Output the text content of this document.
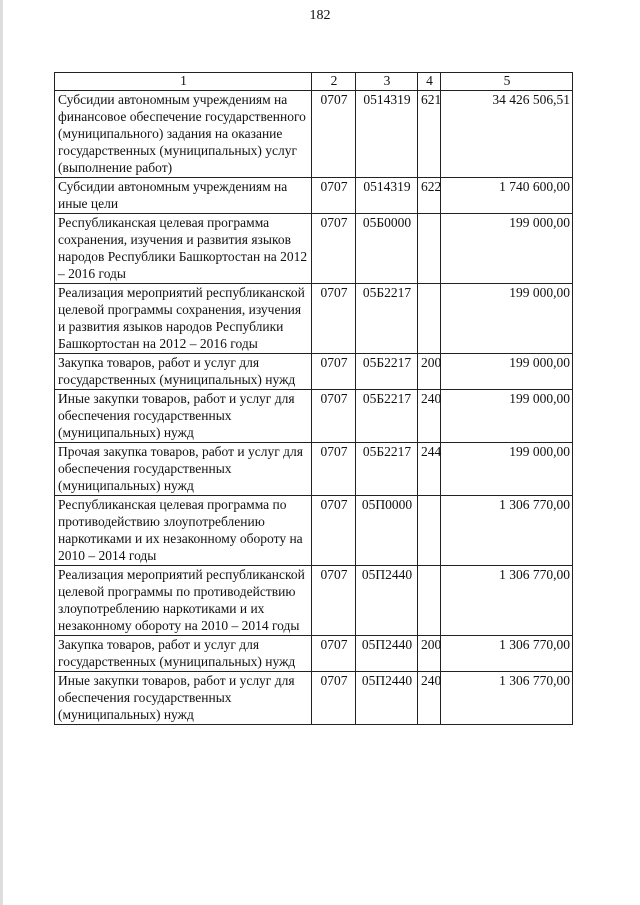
182
1	2	3	4	5
Субсидии автономным учреждениям на финансовое обеспечение государственного (муниципального) задания на оказание государственных (муниципальных) услуг (выполнение работ)	0707	0514319	621	34 426 506,51
Субсидии автономным учреждениям на иные цели	0707	0514319	622	1 740 600,00
Республиканская целевая программа сохранения, изучения и развития языков народов Республики Башкортостан на 2012 – 2016 годы	0707	05Б0000		199 000,00
Реализация мероприятий республиканской целевой программы сохранения, изучения и развития языков народов Республики Башкортостан на 2012 – 2016 годы	0707	05Б2217		199 000,00
Закупка товаров, работ и услуг для государственных (муниципальных) нужд	0707	05Б2217	200	199 000,00
Иные закупки товаров, работ и услуг для обеспечения государственных (муниципальных) нужд	0707	05Б2217	240	199 000,00
Прочая закупка товаров, работ и услуг для обеспечения государственных (муниципальных) нужд	0707	05Б2217	244	199 000,00
Республиканская целевая программа по противодействию злоупотреблению наркотиками и их незаконному обороту на 2010 – 2014 годы	0707	05П0000		1 306 770,00
Реализация мероприятий республиканской целевой программы по противодействию злоупотреблению наркотиками и их незаконному обороту на 2010 – 2014 годы	0707	05П2440		1 306 770,00
Закупка товаров, работ и услуг для государственных (муниципальных) нужд	0707	05П2440	200	1 306 770,00
Иные закупки товаров, работ и услуг для обеспечения государственных (муниципальных) нужд	0707	05П2440	240	1 306 770,00
